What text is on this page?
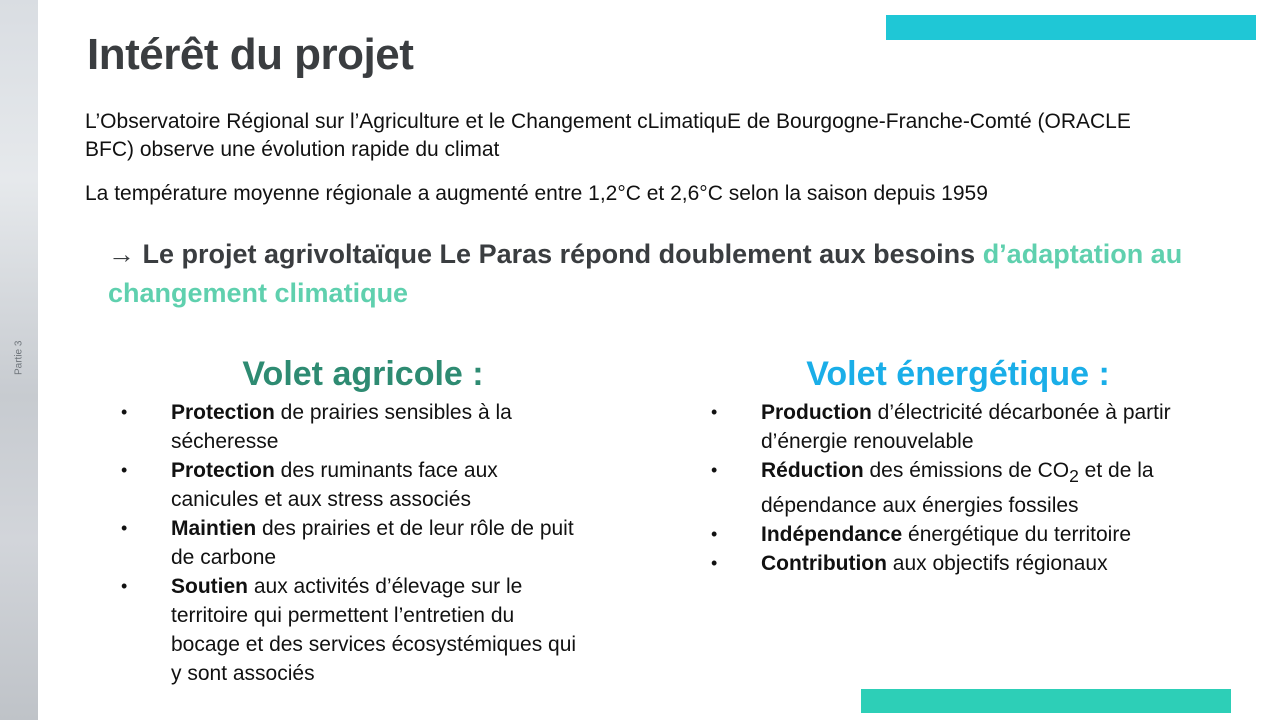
Partie 3
Intérêt du projet

L’Observatoire Régional sur l’Agriculture et le Changement cLimatiquE de Bourgogne-Franche-Comté (ORACLE BFC) observe une évolution rapide du climat

La température moyenne régionale a augmenté entre 1,2°C et 2,6°C selon la saison depuis 1959

→ Le projet agrivoltaïque Le Paras répond doublement aux besoins d’adaptation au changement climatique

Volet agricole :
• Protection de prairies sensibles à la sécheresse
• Protection des ruminants face aux canicules et aux stress associés
• Maintien des prairies et de leur rôle de puit de carbone
• Soutien aux activités d’élevage sur le territoire qui permettent l’entretien du bocage et des services écosystémiques qui y sont associés
Volet énergétique :
• Production d’électricité décarbonée à partir d’énergie renouvelable
• Réduction des émissions de $CO_2$ et de la dépendance aux énergies fossiles
• Indépendance énergétique du territoire
• Contribution aux objectifs régionaux
